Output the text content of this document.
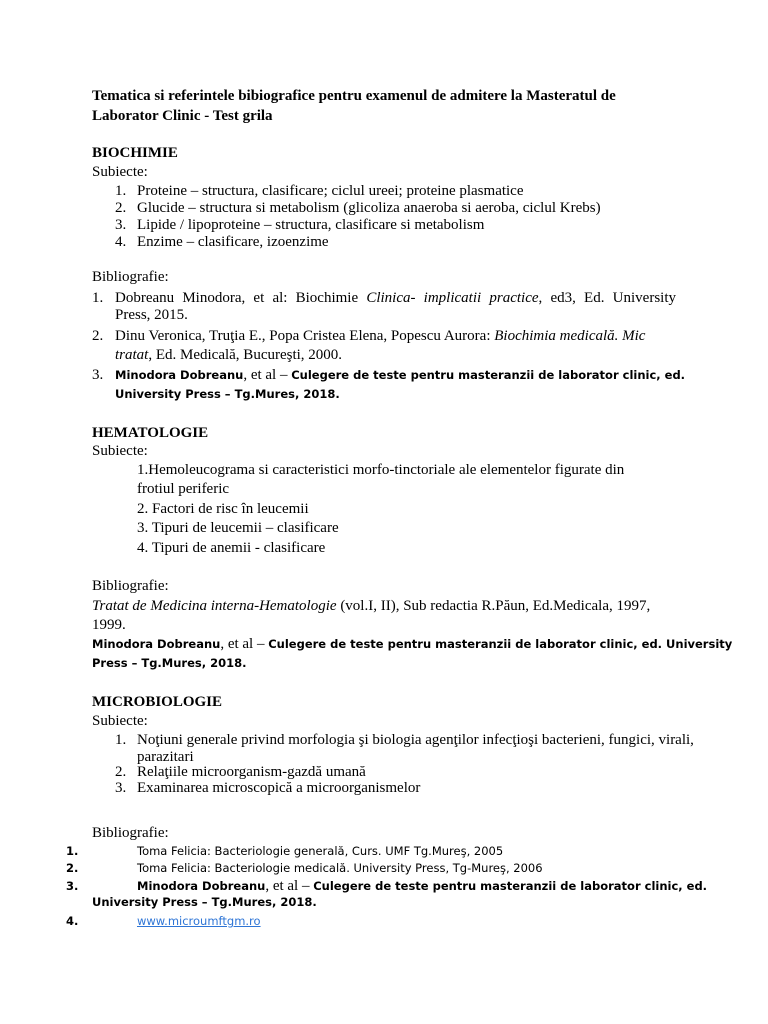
Tematica si referintele bibiografice pentru examenul de admitere la Masteratul de
Laborator Clinic - Test grila
BIOCHIMIE
Subiecte:
1. Proteine – structura, clasificare; ciclul ureei; proteine plasmatice
2. Glucide – structura si metabolism (glicoliza anaeroba si aeroba, ciclul Krebs)
3. Lipide / lipoproteine – structura, clasificare si metabolism
4. Enzime – clasificare, izoenzime
Bibliografie:
1. Dobreanu Minodora, et al: Biochimie Clinica- implicatii practice, ed3, Ed. University
Press, 2015.
2. Dinu Veronica, Truţia E., Popa Cristea Elena, Popescu Aurora: Biochimia medicală. Mic
tratat, Ed. Medicală, Bucureşti, 2000.
3. Minodora Dobreanu, et al – Culegere de teste pentru masteranzii de laborator clinic, ed.
University Press – Tg.Mures, 2018.
HEMATOLOGIE
Subiecte:
1.Hemoleucograma si caracteristici morfo-tinctoriale ale elementelor figurate din
frotiul periferic
2. Factori de risc în leucemii
3. Tipuri de leucemii – clasificare
4. Tipuri de anemii - clasificare
Bibliografie:
Tratat de Medicina interna-Hematologie (vol.I, II), Sub redactia R.Păun, Ed.Medicala, 1997,
1999.
Minodora Dobreanu, et al – Culegere de teste pentru masteranzii de laborator clinic, ed. University
Press – Tg.Mures, 2018.
MICROBIOLOGIE
Subiecte:
1. Noţiuni generale privind morfologia şi biologia agenţilor infecţioşi bacterieni, fungici, virali,
parazitari
2. Relaţiile microorganism-gazdă umană
3. Examinarea microscopică a microorganismelor
Bibliografie:
1.	Toma Felicia: Bacteriologie generală, Curs. UMF Tg.Mureş, 2005
2.	Toma Felicia: Bacteriologie medicală. University Press, Tg-Mureş, 2006
3.	Minodora Dobreanu, et al – Culegere de teste pentru masteranzii de laborator clinic, ed.
University Press – Tg.Mures, 2018.
4.	www.microumftgm.ro
